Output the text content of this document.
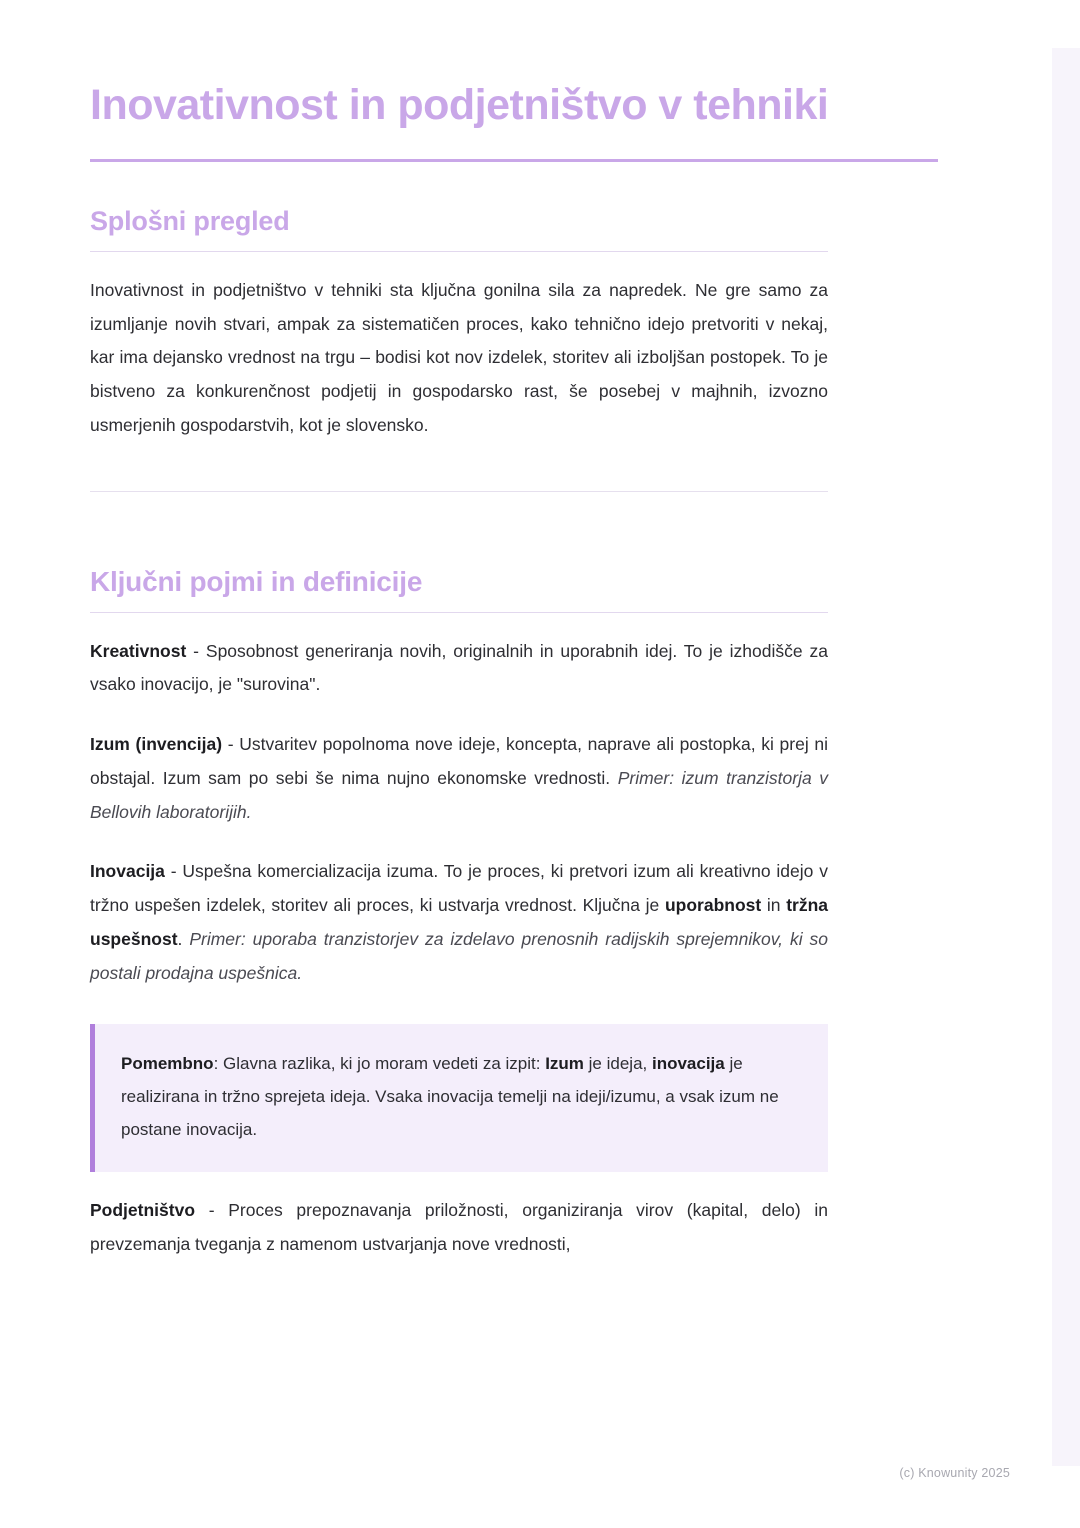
Inovativnost in podjetništvo v tehniki
Splošni pregled

Inovativnost in podjetništvo v tehniki sta ključna gonilna sila za napredek. Ne gre samo za izumljanje novih stvari, ampak za sistematičen proces, kako tehnično idejo pretvoriti v nekaj, kar ima dejansko vrednost na trgu – bodisi kot nov izdelek, storitev ali izboljšan postopek. To je bistveno za konkurenčnost podjetij in gospodarsko rast, še posebej v majhnih, izvozno usmerjenih gospodarstvih, kot je slovensko.

Ključni pojmi in definicije

Kreativnost - Sposobnost generiranja novih, originalnih in uporabnih idej. To je izhodišče za vsako inovacijo, je "surovina".

Izum (invencija) - Ustvaritev popolnoma nove ideje, koncepta, naprave ali postopka, ki prej ni obstajal. Izum sam po sebi še nima nujno ekonomske vrednosti. Primer: izum tranzistorja v Bellovih laboratorijih.

Inovacija - Uspešna komercializacija izuma. To je proces, ki pretvori izum ali kreativno idejo v tržno uspešen izdelek, storitev ali proces, ki ustvarja vrednost. Ključna je uporabnost in tržna uspešnost. Primer: uporaba tranzistorjev za izdelavo prenosnih radijskih sprejemnikov, ki so postali prodajna uspešnica.

Pomembno: Glavna razlika, ki jo moram vedeti za izpit: Izum je ideja, inovacija je realizirana in tržno sprejeta ideja. Vsaka inovacija temelji na ideji/izumu, a vsak izum ne postane inovacija.

Podjetništvo - Proces prepoznavanja priložnosti, organiziranja virov (kapital, delo) in prevzemanja tveganja z namenom ustvarjanja nove vrednosti,

(c) Knowunity 2025
